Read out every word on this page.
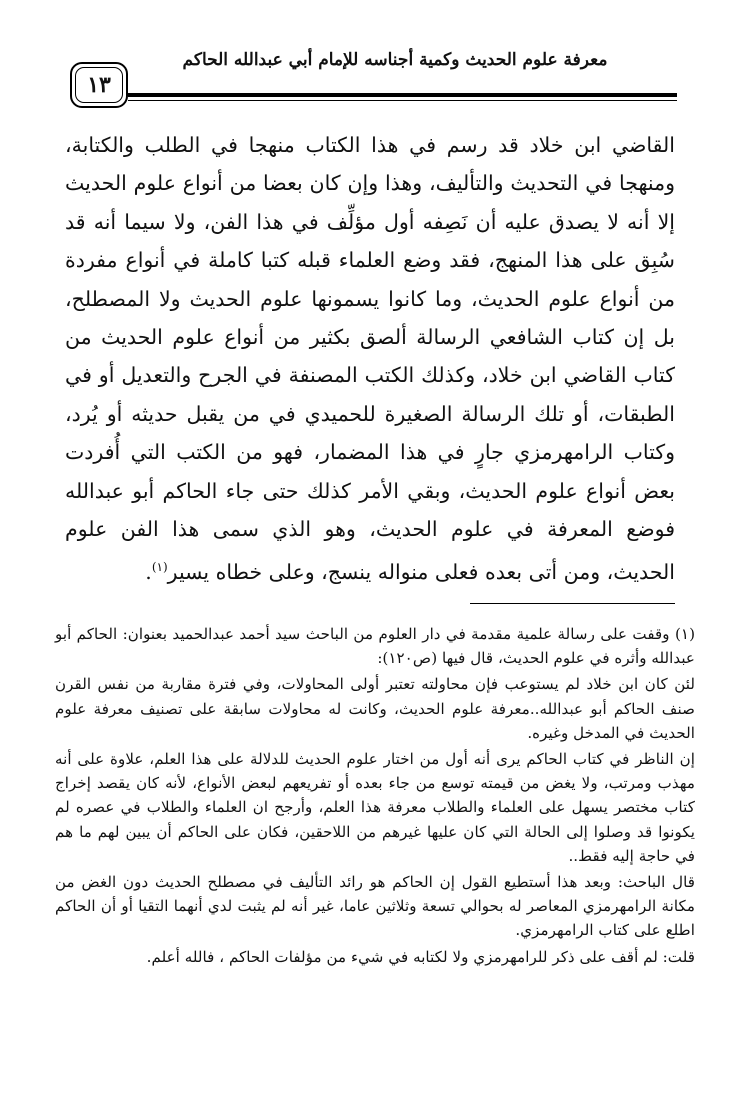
معرفة علوم الحديث وكمية أجناسه للإمام أبي عبدالله الحاكم
١٣

القاضي ابن خلاد قد رسم في هذا الكتاب منهجا في الطلب والكتابة، ومنهجا في التحديث والتأليف، وهذا وإن كان بعضا من أنواع علوم الحديث إلا أنه لا يصدق عليه أن نَصِفه أول مؤلِّف في هذا الفن، ولا سيما أنه قد سُبِق على هذا المنهج، فقد وضع العلماء قبله كتبا كاملة في أنواع مفردة من أنواع علوم الحديث، وما كانوا يسمونها علوم الحديث ولا المصطلح، بل إن كتاب الشافعي الرسالة ألصق بكثير من أنواع علوم الحديث من كتاب القاضي ابن خلاد، وكذلك الكتب المصنفة في الجرح والتعديل أو في الطبقات، أو تلك الرسالة الصغيرة للحميدي في من يقبل حديثه أو يُرد، وكتاب الرامهرمزي جارٍ في هذا المضمار، فهو من الكتب التي أُفردت بعض أنواع علوم الحديث، وبقي الأمر كذلك حتى جاء الحاكم أبو عبدالله فوضع المعرفة في علوم الحديث، وهو الذي سمى هذا الفن علوم الحديث، ومن أتى بعده فعلى منواله ينسج، وعلى خطاه يسير$^{(١)}$.

(١) وقفت على رسالة علمية مقدمة في دار العلوم من الباحث سيد أحمد عبدالحميد بعنوان: الحاكم أبو عبدالله وأثره في علوم الحديث، قال فيها (ص١٢٠):

لئن كان ابن خلاد لم يستوعب فإن محاولته تعتبر أولى المحاولات، وفي فترة مقاربة من نفس القرن صنف الحاكم أبو عبدالله..معرفة علوم الحديث، وكانت له محاولات سابقة على تصنيف معرفة علوم الحديث في المدخل وغيره.

إن الناظر في كتاب الحاكم يرى أنه أول من اختار علوم الحديث للدلالة على هذا العلم، علاوة على أنه مهذب ومرتب، ولا يغض من قيمته توسع من جاء بعده أو تفريعهم لبعض الأنواع، لأنه كان يقصد إخراج كتاب مختصر يسهل على العلماء والطلاب معرفة هذا العلم، وأرجح ان العلماء والطلاب في عصره لم يكونوا قد وصلوا إلى الحالة التي كان عليها غيرهم من اللاحقين، فكان على الحاكم أن يبين لهم ما هم في حاجة إليه فقط..

قال الباحث: وبعد هذا أستطيع القول إن الحاكم هو رائد التأليف في مصطلح الحديث دون الغض من مكانة الرامهرمزي المعاصر له بحوالي تسعة وثلاثين عاما، غير أنه لم يثبت لدي أنهما التقيا أو أن الحاكم اطلع على كتاب الرامهرمزي.

قلت: لم أقف على ذكر للرامهرمزي ولا لكتابه في شيء من مؤلفات الحاكم ، فالله أعلم.
